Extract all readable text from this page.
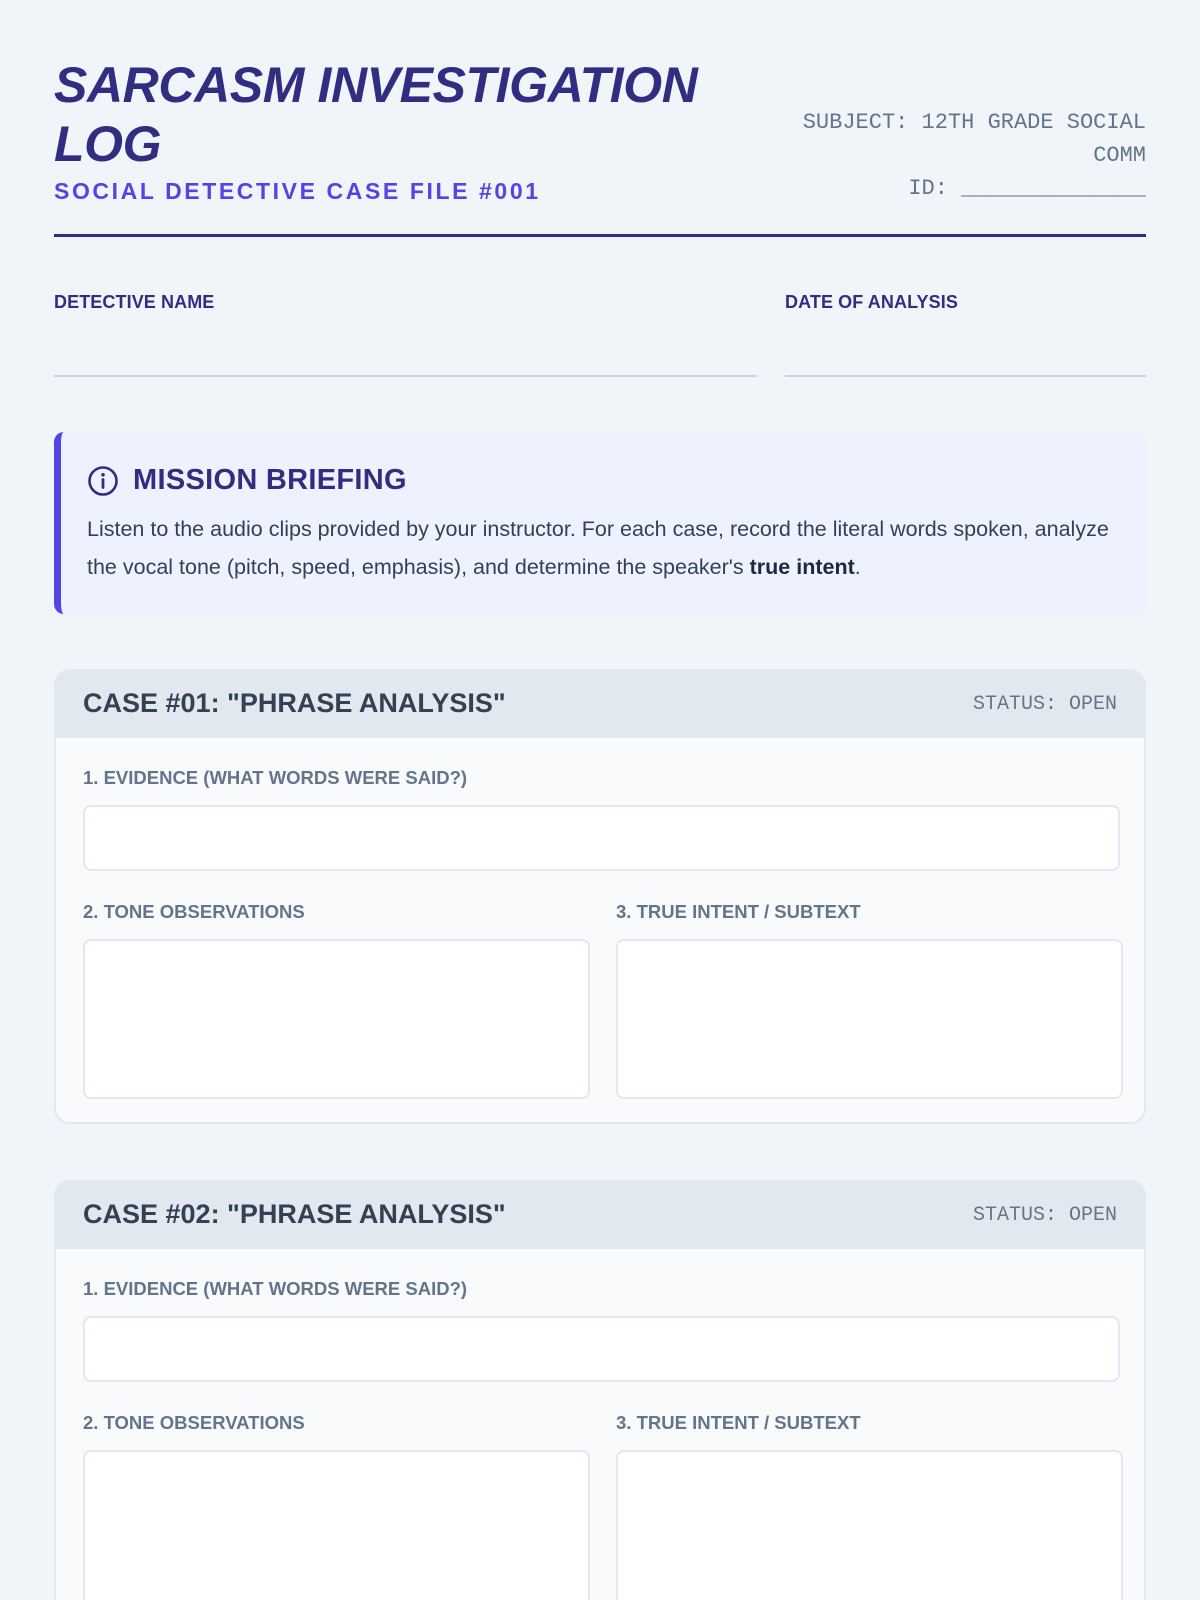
SARCASM INVESTIGATION LOG
SOCIAL DETECTIVE CASE FILE #001
SUBJECT: 12TH GRADE SOCIAL COMM
ID: ______________
DETECTIVE NAME	DATE OF ANALYSIS
MISSION BRIEFING

Listen to the audio clips provided by your instructor. For each case, record the literal words spoken, analyze the vocal tone (pitch, speed, emphasis), and determine the speaker's true intent.

CASE #01: "PHRASE ANALYSIS"	STATUS: OPEN
1. EVIDENCE (WHAT WORDS WERE SAID?)
2. TONE OBSERVATIONS	3. TRUE INTENT / SUBTEXT
CASE #02: "PHRASE ANALYSIS"	STATUS: OPEN
1. EVIDENCE (WHAT WORDS WERE SAID?)
2. TONE OBSERVATIONS	3. TRUE INTENT / SUBTEXT
